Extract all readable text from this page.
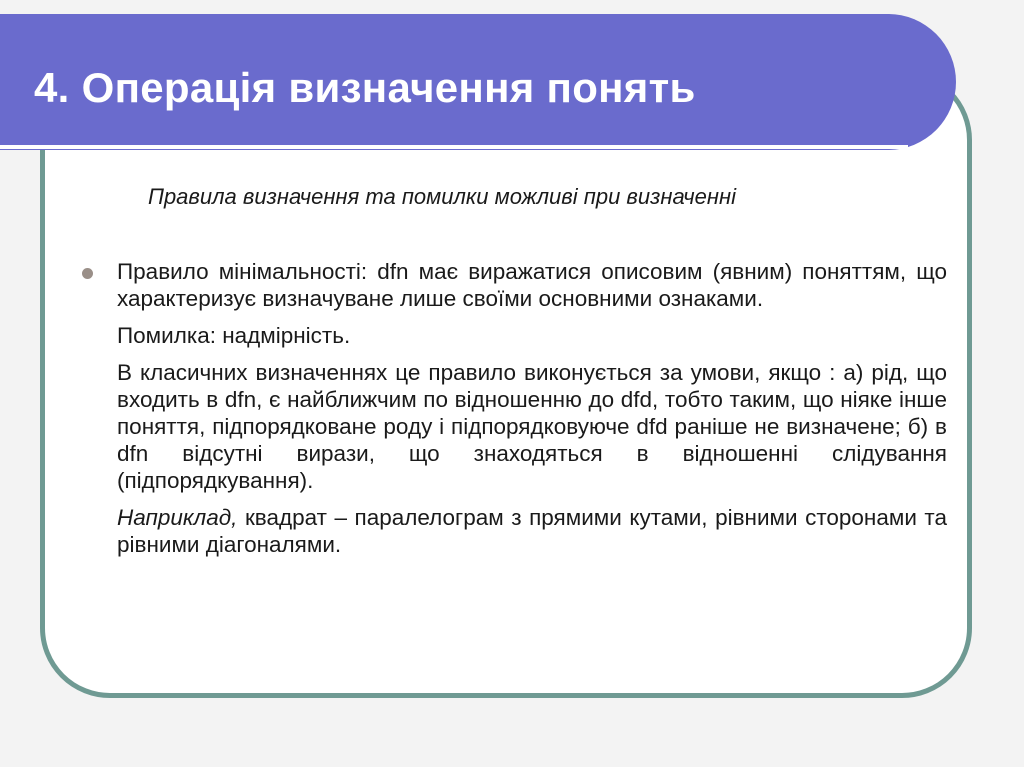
4. Операція визначення понять
Правила визначення та помилки можливі при визначенні

Правило мінімальності: dfn має виражатися описовим (явним) поняттям, що характеризує визначуване лише своїми основними ознаками.

Помилка: надмірність.

В класичних визначеннях це правило виконується за умови, якщо : а) рід, що входить в dfn, є найближчим по відношенню до dfd, тобто таким, що ніяке інше поняття, підпорядковане роду і підпорядковуюче dfd раніше не визначене; б) в dfn відсутні вирази, що знаходяться в відношенні слідування (підпорядкування).

Наприклад, квадрат – паралелограм з прямими кутами, рівними сторонами та рівними діагоналями.
